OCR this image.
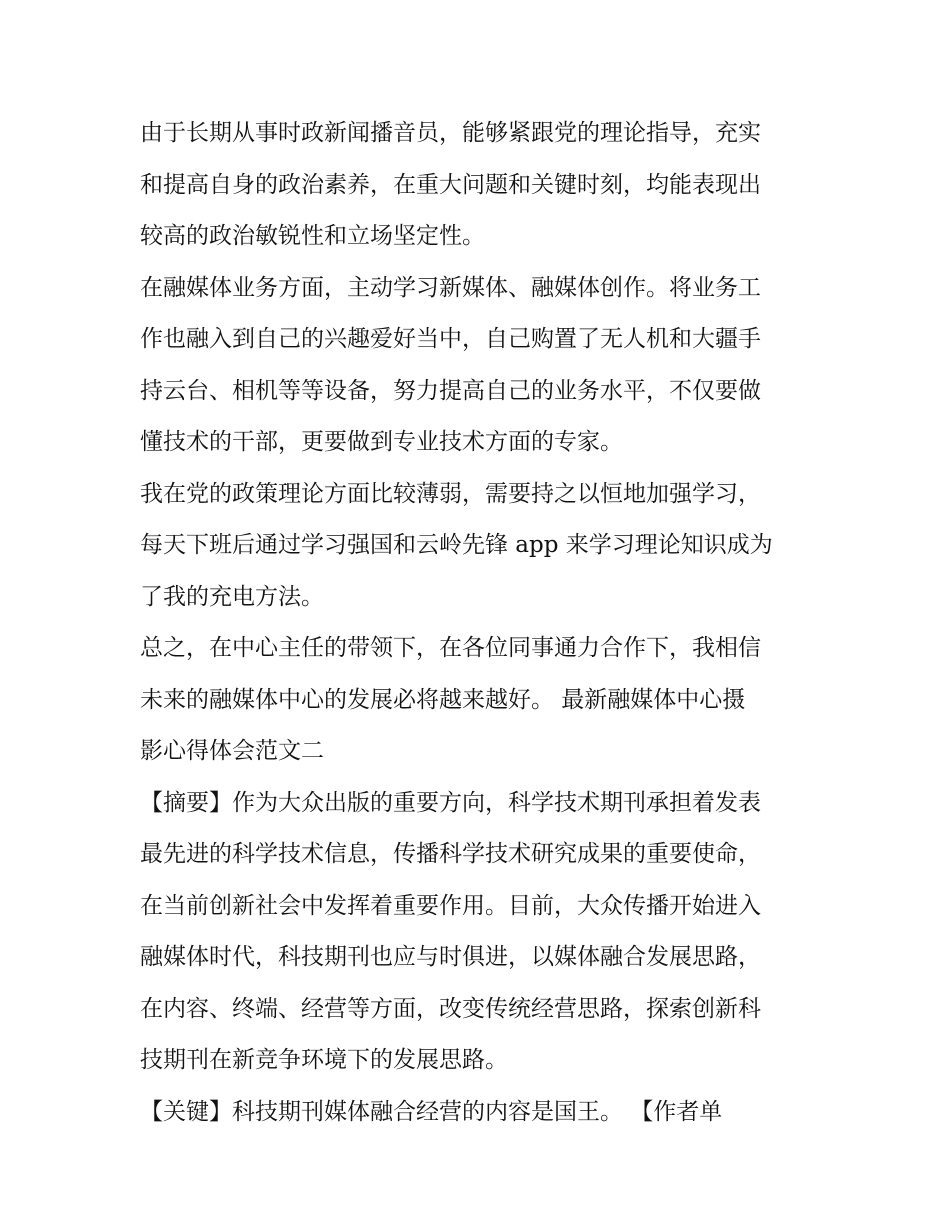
由于长期从事时政新闻播音员，能够紧跟党的理论指导，充实
和提高自身的政治素养，在重大问题和关键时刻，均能表现出
较高的政治敏锐性和立场坚定性。

在融媒体业务方面，主动学习新媒体、融媒体创作。将业务工
作也融入到自己的兴趣爱好当中，自己购置了无人机和大疆手
持云台、相机等等设备，努力提高自己的业务水平，不仅要做
懂技术的干部，更要做到专业技术方面的专家。

我在党的政策理论方面比较薄弱，需要持之以恒地加强学习，
每天下班后通过学习强国和云岭先锋 app 来学习理论知识成为
了我的充电方法。

总之，在中心主任的带领下，在各位同事通力合作下，我相信
未来的融媒体中心的发展必将越来越好。 最新融媒体中心摄
影心得体会范文二

【摘要】作为大众出版的重要方向，科学技术期刊承担着发表
最先进的科学技术信息，传播科学技术研究成果的重要使命，
在当前创新社会中发挥着重要作用。目前，大众传播开始进入
融媒体时代，科技期刊也应与时俱进，以媒体融合发展思路，
在内容、终端、经营等方面，改变传统经营思路，探索创新科
技期刊在新竞争环境下的发展思路。

【关键】科技期刊媒体融合经营的内容是国王。 【作者单
